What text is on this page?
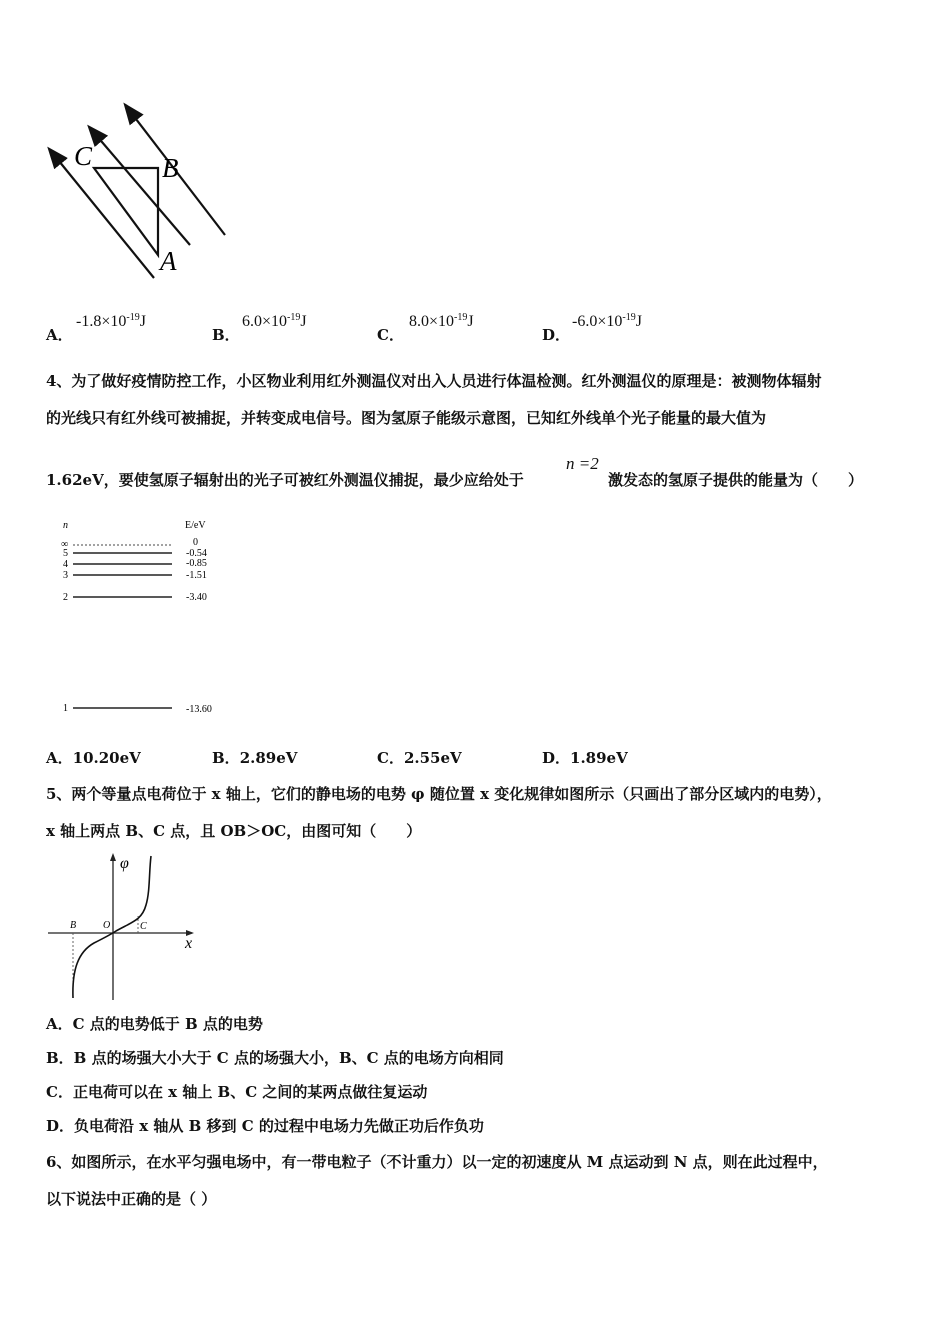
C	B
A
A．
$-1.8\times 10^{-19}J$
B．
$6.0\times 10^{-19}J$
C．
$8.0\times 10^{-19}J$
D．
$-6.0\times 10^{-19}J$
4、为了做好疫情防控工作，小区物业利用红外测温仪对出入人员进行体温检测。红外测温仪的原理是：被测物体辐射
的光线只有红外线可被捕捉，并转变成电信号。图为氢原子能级示意图，已知红外线单个光子能量的最大值为
1.62eV，要使氢原子辐射出的光子可被红外测温仪捕捉，最少应给处于
n =2
激发态的氢原子提供的能量为（　　）
n	E/eV
∞	0
5	-0.54
4	-0.85
3	-1.51
2	-3.40
1	-13.60
A．10.20eV	B．2.89eV	C．2.55eV	D．1.89eV
5、两个等量点电荷位于 x 轴上，它们的静电场的电势 φ 随位置 x 变化规律如图所示（只画出了部分区域内的电势），
x 轴上两点 B、C 点，且 OB＞OC，由图可知（　　）
φ
x
B	O	C
A．C 点的电势低于 B 点的电势
B．B 点的场强大小大于 C 点的场强大小，B、C 点的电场方向相同
C．正电荷可以在 x 轴上 B、C 之间的某两点做往复运动
D．负电荷沿 x 轴从 B 移到 C 的过程中电场力先做正功后作负功
6、如图所示，在水平匀强电场中，有一带电粒子（不计重力）以一定的初速度从 M 点运动到 N 点，则在此过程中，
以下说法中正确的是（ ）
